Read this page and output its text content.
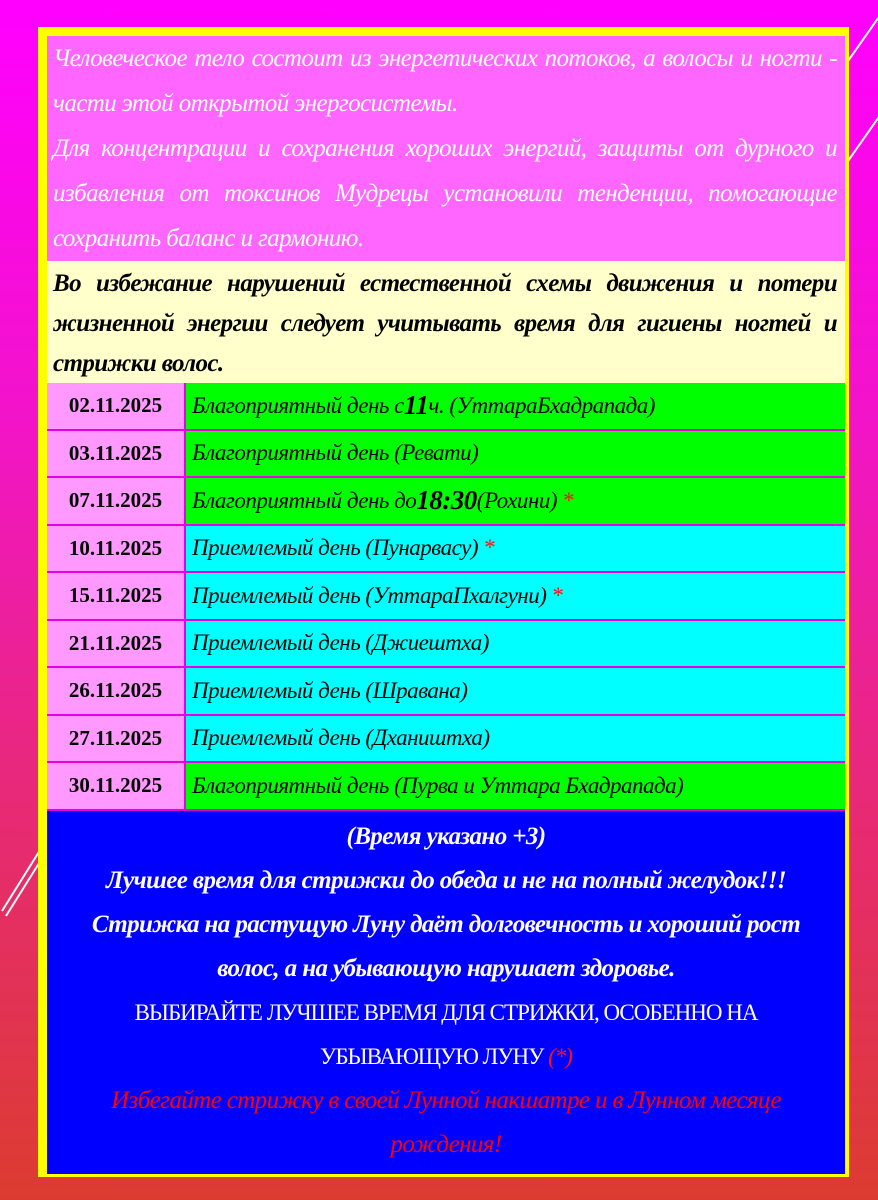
Человеческое тело состоит из энергетических потоков, а волосы и ногти - части этой открытой энергосистемы.
Для концентрации и сохранения хороших энергий, защиты от дурного и избавления от токсинов Мудрецы установили тенденции, помогающие сохранить баланс и гармонию.
Во избежание нарушений естественной схемы движения и потери жизненной энергии следует учитывать время для гигиены ногтей и стрижки волос.
02.11.2025	Благоприятный день с 11 ч. (УттараБхадрапада)
03.11.2025	Благоприятный день (Ревати)
07.11.2025	Благоприятный день до 18:30 (Рохини) *
10.11.2025	Приемлемый день (Пунарвасу) *
15.11.2025	Приемлемый день (УттараПхалгуни) *
21.11.2025	Приемлемый день (Джиештха)
26.11.2025	Приемлемый день (Шравана)
27.11.2025	Приемлемый день (Дхаништха)
30.11.2025	Благоприятный день (Пурва и Уттара Бхадрапада)
(Время указано +3)
Лучшее время для стрижки до обеда и не на полный желудок!!!
Стрижка на растущую Луну даёт долговечность и хороший рост волос, а на убывающую нарушает здоровье.
ВЫБИРАЙТЕ ЛУЧШЕЕ ВРЕМЯ ДЛЯ СТРИЖКИ, ОСОБЕННО НА УБЫВАЮЩУЮ ЛУНУ (*)
Избегайте стрижку в своей Лунной накшатре и в Лунном месяце рождения!
